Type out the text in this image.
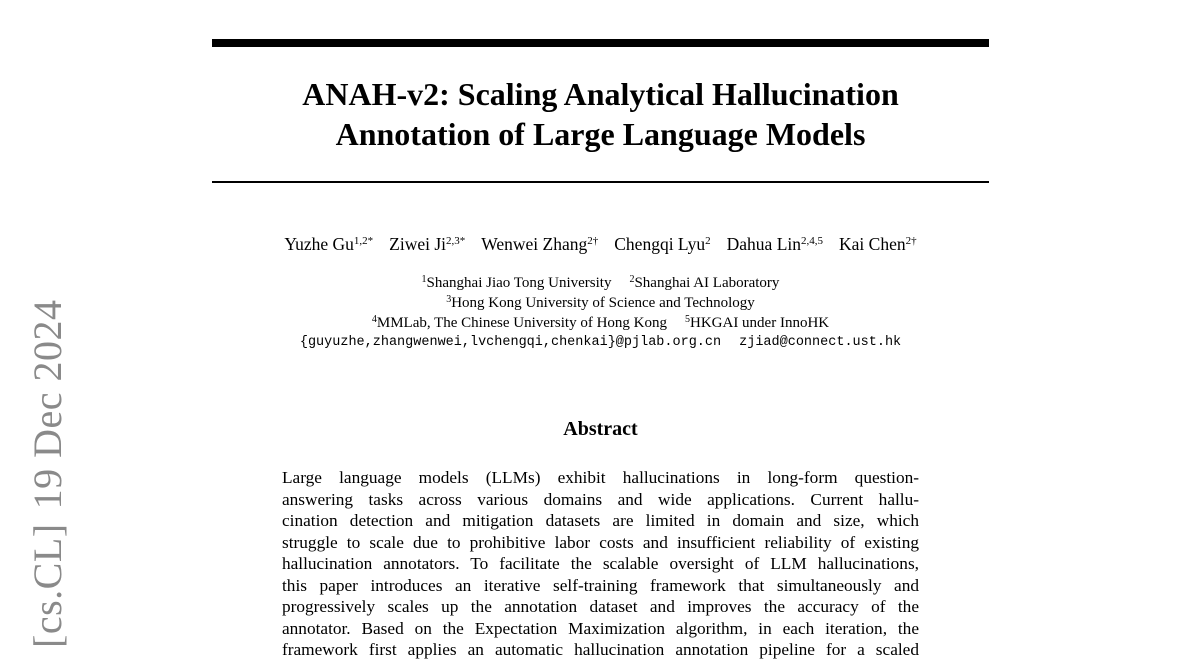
[cs.CL]19 Dec 2024
ANAH-v2: Scaling Analytical Hallucination
Annotation of Large Language Models
Yuzhe $Gu^{1,2*}$ Ziwei $Ji^{2,3*}$ Wenwei Zhang$^{2\dagger}$ Chengqi Lyu$^2$ Dahua Lin$^{2,4,5}$ Kai Chen$^{2\dagger}$
$^1$Shanghai Jiao Tong University $^2$Shanghai AI Laboratory
$^3$Hong Kong University of Science and Technology
$^4$MMLab, The Chinese University of Hong Kong $^5$HKGAI under InnoHK
{guyuzhe,zhangwenwei,lvchengqi,chenkai}@pjlab.org.cn zjiad@connect.ust.hk
Abstract
Large language models (LLMs) exhibit hallucinations in long-form question-
answering tasks across various domains and wide applications. Current hallu-
cination detection and mitigation datasets are limited in domain and size, which
struggle to scale due to prohibitive labor costs and insufficient reliability of existing
hallucination annotators. To facilitate the scalable oversight of LLM hallucinations,
this paper introduces an iterative self-training framework that simultaneously and
progressively scales up the annotation dataset and improves the accuracy of the
annotator. Based on the Expectation Maximization algorithm, in each iteration, the
framework first applies an automatic hallucination annotation pipeline for a scaled
